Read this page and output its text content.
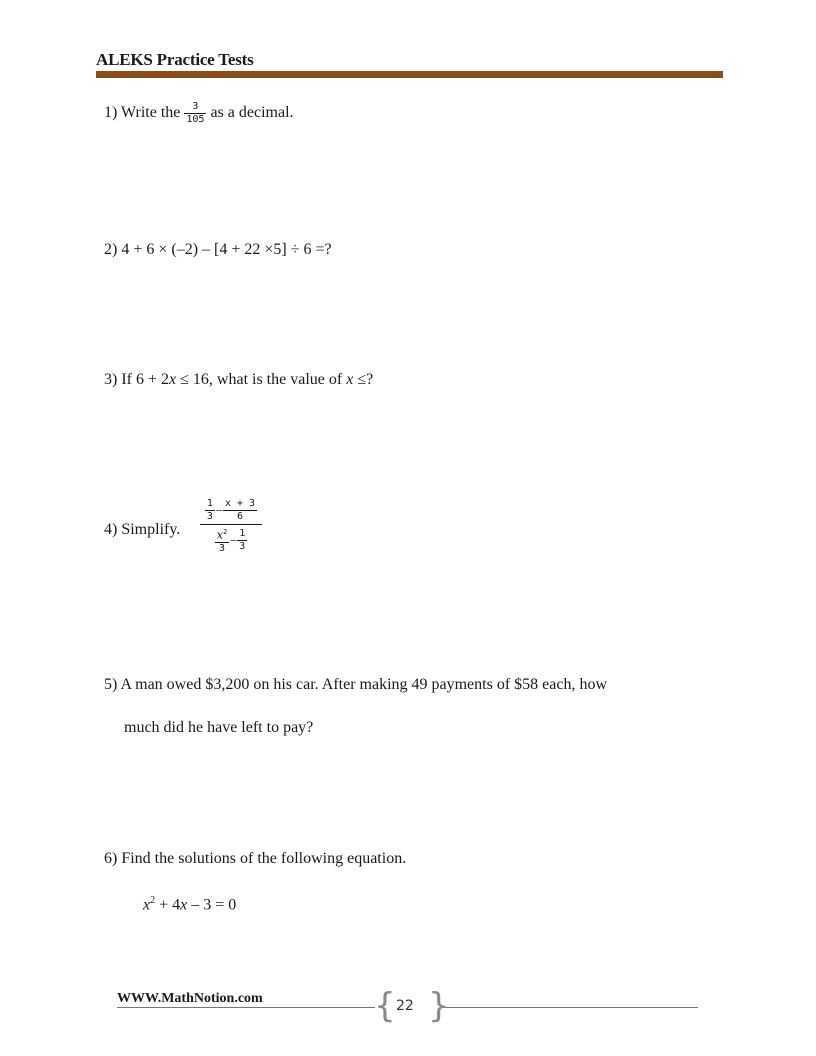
ALEKS Practice Tests
1) Write the $\frac{3}{105}$ as a decimal.
2) 4 + 6 × (–2) – [4 + 22 ×5] ÷ 6 =?
3) If 6 + 2x ≤ 16, what is the value of x ≤?
4) Simplify.
$\frac{1}{3} - \frac{x + 3}{6}$
$\frac{x^2}{3} - \frac{1}{3}$
5) A man owed $3,200 on his car. After making 49 payments of $58 each, how
much did he have left to pay?
6) Find the solutions of the following equation.
$x^2 + 4x - 3 = 0$
WWW.MathNotion.com	{ 22 }
